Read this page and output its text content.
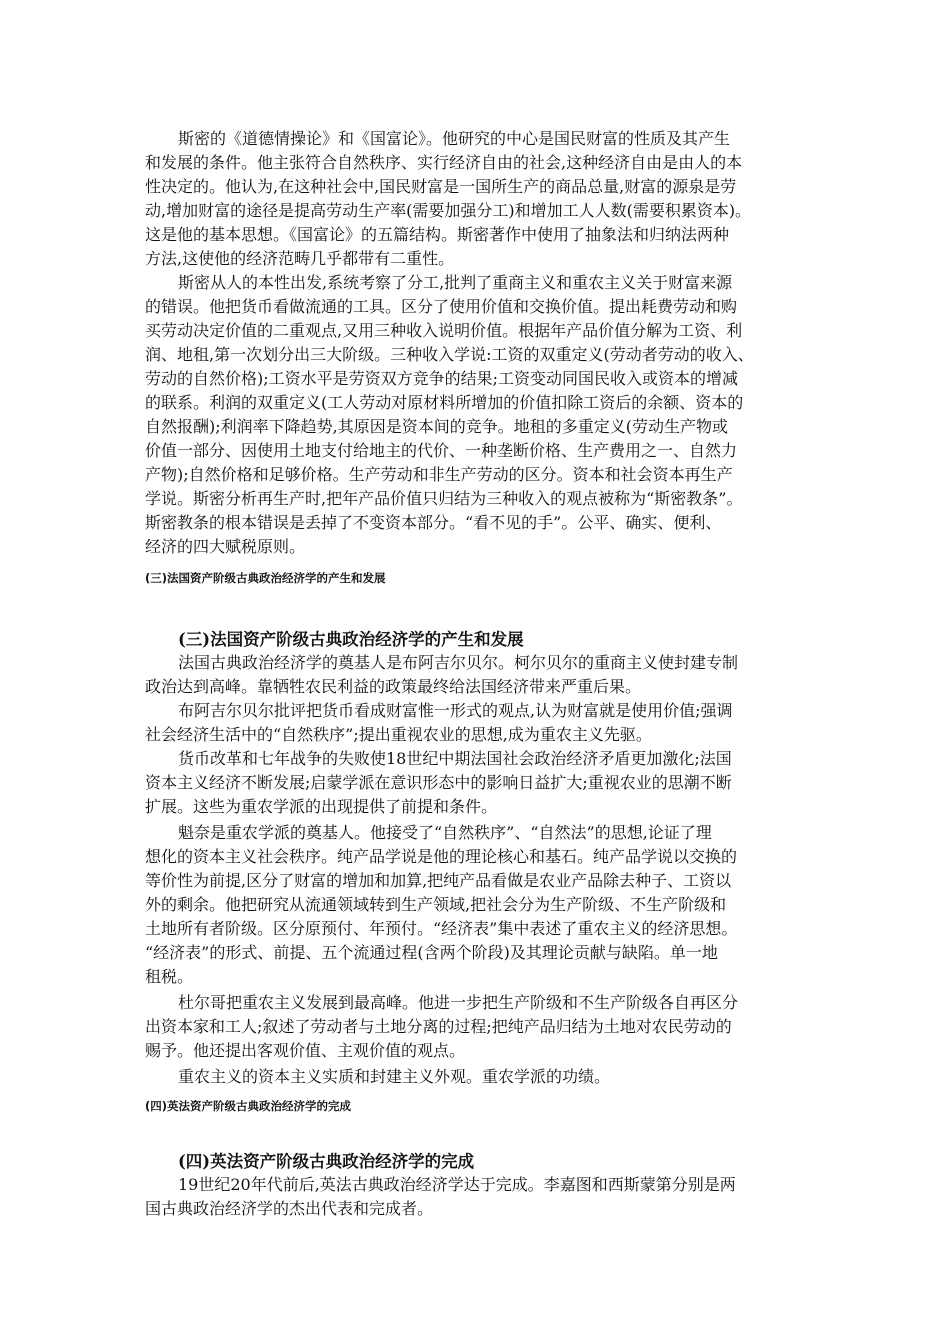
斯密的《道德情操论》和《国富论》。他研究的中心是国民财富的性质及其产生
和发展的条件。他主张符合自然秩序、实行经济自由的社会,这种经济自由是由人的本
性决定的。他认为,在这种社会中,国民财富是一国所生产的商品总量,财富的源泉是劳
动,增加财富的途径是提高劳动生产率(需要加强分工)和增加工人人数(需要积累资本)。
这是他的基本思想。《国富论》的五篇结构。斯密著作中使用了抽象法和归纳法两种
方法,这使他的经济范畴几乎都带有二重性。
斯密从人的本性出发,系统考察了分工,批判了重商主义和重农主义关于财富来源
的错误。他把货币看做流通的工具。区分了使用价值和交换价值。提出耗费劳动和购
买劳动决定价值的二重观点,又用三种收入说明价值。根据年产品价值分解为工资、利
润、地租,第一次划分出三大阶级。三种收入学说:工资的双重定义(劳动者劳动的收入、
劳动的自然价格);工资水平是劳资双方竞争的结果;工资变动同国民收入或资本的增减
的联系。利润的双重定义(工人劳动对原材料所增加的价值扣除工资后的余额、资本的
自然报酬);利润率下降趋势,其原因是资本间的竞争。地租的多重定义(劳动生产物或
价值一部分、因使用土地支付给地主的代价、一种垄断价格、生产费用之一、自然力
产物);自然价格和足够价格。生产劳动和非生产劳动的区分。资本和社会资本再生产
学说。斯密分析再生产时,把年产品价值只归结为三种收入的观点被称为“斯密教条”。
斯密教条的根本错误是丢掉了不变资本部分。“看不见的手”。公平、确实、便利、
经济的四大赋税原则。
(三)法国资产阶级古典政治经济学的产生和发展
(三)法国资产阶级古典政治经济学的产生和发展
法国古典政治经济学的奠基人是布阿吉尔贝尔。柯尔贝尔的重商主义使封建专制
政治达到高峰。靠牺牲农民利益的政策最终给法国经济带来严重后果。
布阿吉尔贝尔批评把货币看成财富惟一形式的观点,认为财富就是使用价值;强调
社会经济生活中的“自然秩序”;提出重视农业的思想,成为重农主义先驱。
货币改革和七年战争的失败使18世纪中期法国社会政治经济矛盾更加激化;法国
资本主义经济不断发展;启蒙学派在意识形态中的影响日益扩大;重视农业的思潮不断
扩展。这些为重农学派的出现提供了前提和条件。
魁奈是重农学派的奠基人。他接受了“自然秩序”、“自然法”的思想,论证了理
想化的资本主义社会秩序。纯产品学说是他的理论核心和基石。纯产品学说以交换的
等价性为前提,区分了财富的增加和加算,把纯产品看做是农业产品除去种子、工资以
外的剩余。他把研究从流通领域转到生产领域,把社会分为生产阶级、不生产阶级和
土地所有者阶级。区分原预付、年预付。“经济表”集中表述了重农主义的经济思想。
“经济表”的形式、前提、五个流通过程(含两个阶段)及其理论贡献与缺陷。单一地
租税。
杜尔哥把重农主义发展到最高峰。他进一步把生产阶级和不生产阶级各自再区分
出资本家和工人;叙述了劳动者与土地分离的过程;把纯产品归结为土地对农民劳动的
赐予。他还提出客观价值、主观价值的观点。
重农主义的资本主义实质和封建主义外观。重农学派的功绩。
(四)英法资产阶级古典政治经济学的完成
(四)英法资产阶级古典政治经济学的完成
19世纪20年代前后,英法古典政治经济学达于完成。李嘉图和西斯蒙第分别是两
国古典政治经济学的杰出代表和完成者。
